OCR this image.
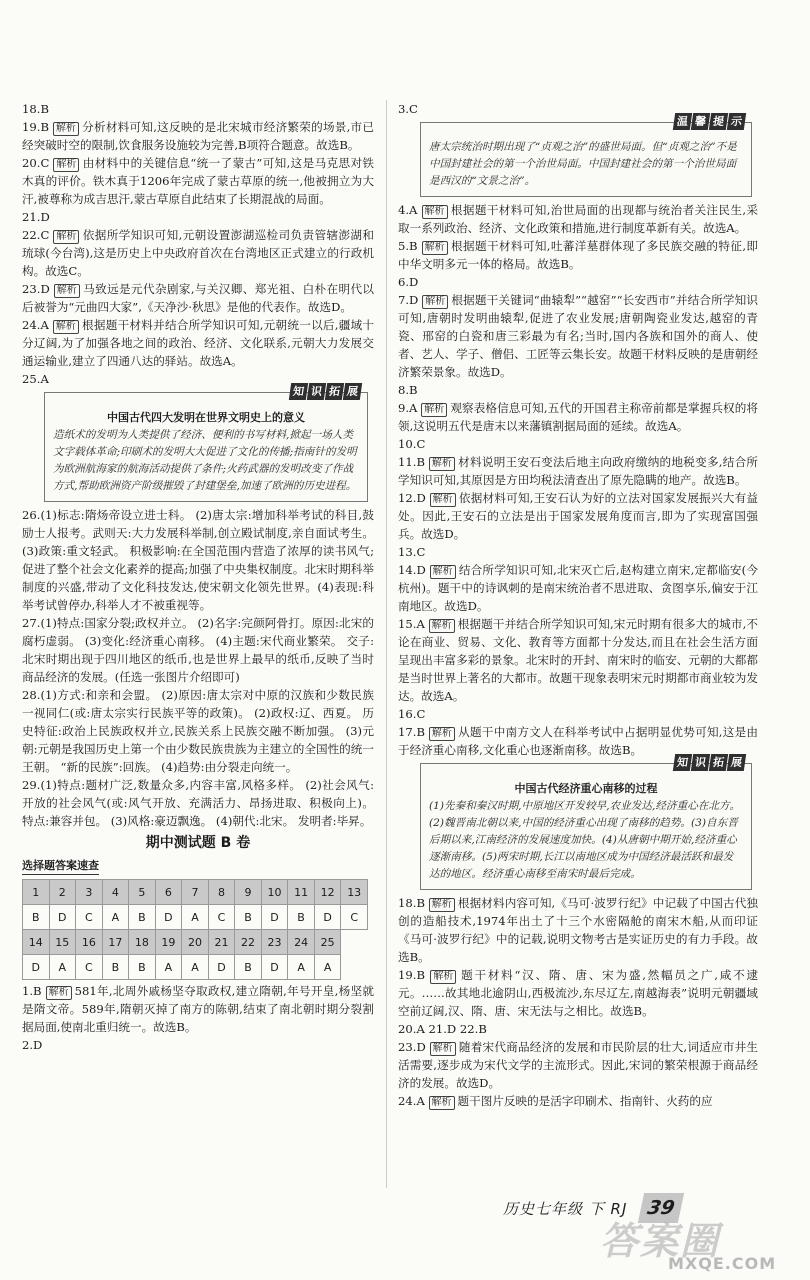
18.B

19.B 解析 分析材料可知,这反映的是北宋城市经济繁荣的场景,市已经突破时空的限制,饮食服务设施较为完善,B项符合题意。故选B。

20.C 解析 由材料中的关键信息“统一了蒙古”可知,这是马克思对铁木真的评价。铁木真于1206年完成了蒙古草原的统一,他被拥立为大汗,被尊称为成吉思汗,蒙古草原自此结束了长期混战的局面。

21.D

22.C 解析 依据所学知识可知,元朝设置澎湖巡检司负责管辖澎湖和琉球(今台湾),这是历史上中央政府首次在台湾地区正式建立的行政机构。故选C。

23.D 解析 马致远是元代杂剧家,与关汉卿、郑光祖、白朴在明代以后被誉为“元曲四大家”,《天净沙·秋思》是他的代表作。故选D。

24.A 解析 根据题干材料并结合所学知识可知,元朝统一以后,疆域十分辽阔,为了加强各地之间的政治、经济、文化联系,元朝大力发展交通运输业,建立了四通八达的驿站。故选A。

25.A

知 识 拓 展
中国古代四大发明在世界文明史上的意义
造纸术的发明为人类提供了经济、便利的书写材料,掀起一场人类文字载体革命;印刷术的发明大大促进了文化的传播;指南针的发明为欧洲航海家的航海活动提供了条件;火药武器的发明改变了作战方式,帮助欧洲资产阶级摧毁了封建堡垒,加速了欧洲的历史进程。

26.(1)标志:隋炀帝设立进士科。 (2)唐太宗:增加科举考试的科目,鼓励士人报考。武则天:大力发展科举制,创立殿试制度,亲自面试考生。 (3)政策:重文轻武。 积极影响:在全国范围内营造了浓厚的读书风气;促进了整个社会文化素养的提高;加强了中央集权制度。北宋时期科举制度的兴盛,带动了文化科技发达,使宋朝文化领先世界。(4)表现:科举考试曾停办,科举人才不被重视等。

27.(1)特点:国家分裂;政权并立。 (2)名字:完颜阿骨打。原因:北宋的腐朽虚弱。 (3)变化:经济重心南移。 (4)主题:宋代商业繁荣。 交子:北宋时期出现于四川地区的纸币,也是世界上最早的纸币,反映了当时商品经济的发展。(任选一张图片介绍即可)

28.(1)方式:和亲和会盟。 (2)原因:唐太宗对中原的汉族和少数民族一视同仁(或:唐太宗实行民族平等的政策)。 (2)政权:辽、西夏。 历史特征:政治上民族政权并立,民族关系上民族交融不断加强。 (3)元朝:元朝是我国历史上第一个由少数民族贵族为主建立的全国性的统一王朝。 “新的民族”:回族。 (4)趋势:由分裂走向统一。

29.(1)特点:题材广泛,数量众多,内容丰富,风格多样。 (2)社会风气:开放的社会风气(或:风气开放、充满活力、昂扬进取、积极向上)。 特点:兼容并包。 (3)风格:豪迈飘逸。 (4)朝代:北宋。 发明者:毕昇。

期中测试题 B 卷
选择题答案速查
1	2	3	4	5	6	7	8	9	10	11	12	13
B	D	C	A	B	D	A	C	B	D	B	D	C
14	15	16	17	18	19	20	21	22	23	24	25	
D	A	C	B	B	A	A	D	B	D	A	A	

1.B 解析 581年,北周外戚杨坚夺取政权,建立隋朝,年号开皇,杨坚就是隋文帝。589年,隋朝灭掉了南方的陈朝,结束了南北朝时期分裂割据局面,使南北重归统一。故选B。

2.D

3.C

温 馨 提 示
唐太宗统治时期出现了“贞观之治”的盛世局面。但“贞观之治”不是中国封建社会的第一个治世局面。中国封建社会的第一个治世局面是西汉的“文景之治”。

4.A 解析 根据题干材料可知,治世局面的出现都与统治者关注民生,采取一系列政治、经济、文化政策和措施,进行制度革新有关。故选A。

5.B 解析 根据题干材料可知,吐蕃洋墓群体现了多民族交融的特征,即中华文明多元一体的格局。故选B。

6.D

7.D 解析 根据题干关键词“曲辕犁”“越窑”“长安西市”并结合所学知识可知,唐朝时发明曲辕犁,促进了农业发展;唐朝陶瓷业发达,越窑的青瓷、邢窑的白瓷和唐三彩最为有名;当时,国内各族和国外的商人、使者、艺人、学子、僧侣、工匠等云集长安。故题干材料反映的是唐朝经济繁荣景象。故选D。

8.B

9.A 解析 观察表格信息可知,五代的开国君主称帝前都是掌握兵权的将领,这说明五代是唐末以来藩镇割据局面的延续。故选A。

10.C

11.B 解析 材料说明王安石变法后地主向政府缴纳的地税变多,结合所学知识可知,其原因是方田均税法清查出了原先隐瞒的地产。故选B。

12.D 解析 依据材料可知,王安石认为好的立法对国家发展振兴大有益处。因此,王安石的立法是出于国家发展角度而言,即为了实现富国强兵。故选D。

13.C

14.D 解析 结合所学知识可知,北宋灭亡后,赵构建立南宋,定都临安(今杭州)。题干中的诗讽刺的是南宋统治者不思进取、贪图享乐,偏安于江南地区。故选D。

15.A 解析 根据题干并结合所学知识可知,宋元时期有很多大的城市,不论在商业、贸易、文化、教育等方面都十分发达,而且在社会生活方面呈现出丰富多彩的景象。北宋时的开封、南宋时的临安、元朝的大都都是当时世界上著名的大都市。故题干现象表明宋元时期都市商业较为发达。故选A。

16.C

17.B 解析 从题干中南方文人在科举考试中占据明显优势可知,这是由于经济重心南移,文化重心也逐渐南移。故选B。

知 识 拓 展
中国古代经济重心南移的过程
(1)先秦和秦汉时期,中原地区开发较早,农业发达,经济重心在北方。(2)魏晋南北朝以来,中国的经济重心出现了南移的趋势。(3)自东晋后期以来,江南经济的发展速度加快。(4)从唐朝中期开始,经济重心逐渐南移。(5)两宋时期,长江以南地区成为中国经济最活跃和最发达的地区。经济重心南移至南宋时最后完成。

18.B 解析 根据材料内容可知,《马可·波罗行纪》中记载了中国古代独创的造船技术,1974年出土了十三个水密隔舱的南宋木船,从而印证《马可·波罗行纪》中的记载,说明文物考古是实证历史的有力手段。故选B。

19.B 解析 题干材料“汉、隋、唐、宋为盛,然幅员之广,咸不逮元。……故其地北逾阴山,西极流沙,东尽辽左,南越海表”说明元朝疆域空前辽阔,汉、隋、唐、宋无法与之相比。故选B。

20.A 21.D 22.B

23.D 解析 随着宋代商品经济的发展和市民阶层的壮大,词适应市井生活需要,逐步成为宋代文学的主流形式。因此,宋词的繁荣根源于商品经济的发展。故选D。

24.A 解析 题干图片反映的是活字印刷术、指南针、火药的应

历史七年级 下 RJ 39
答案圈
MXQE.COM
